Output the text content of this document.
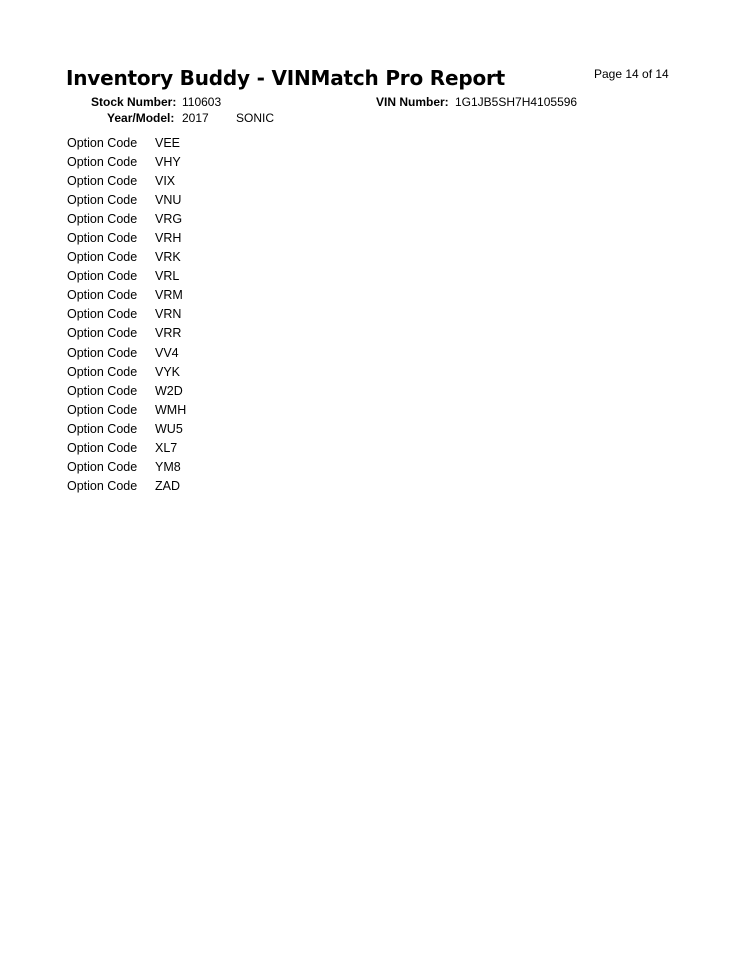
Inventory Buddy - VINMatch Pro Report	Page 14 of 14
Stock Number: 110603	VIN Number: 1G1JB5SH7H4105596
Year/Model: 2017 SONIC
Option Code	VEE
Option Code	VHY
Option Code	VIX
Option Code	VNU
Option Code	VRG
Option Code	VRH
Option Code	VRK
Option Code	VRL
Option Code	VRM
Option Code	VRN
Option Code	VRR
Option Code	VV4
Option Code	VYK
Option Code	W2D
Option Code	WMH
Option Code	WU5
Option Code	XL7
Option Code	YM8
Option Code	ZAD
